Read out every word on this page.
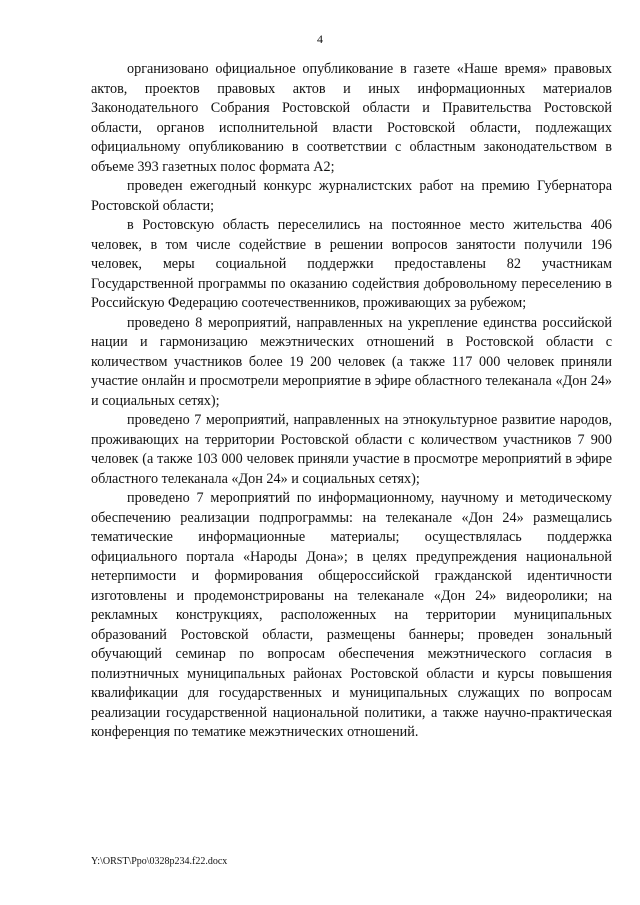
4

организовано официальное опубликование в газете «Наше время» правовых актов, проектов правовых актов и иных информационных материалов Законодательного Собрания Ростовской области и Правительства Ростовской области, органов исполнительной власти Ростовской области, подлежащих официальному опубликованию в соответствии с областным законодательством в объеме 393 газетных полос формата А2;

проведен ежегодный конкурс журналистских работ на премию Губернатора Ростовской области;

в Ростовскую область переселились на постоянное место жительства 406 человек, в том числе содействие в решении вопросов занятости получили 196 человек, меры социальной поддержки предоставлены 82 участникам Государственной программы по оказанию содействия добровольному переселению в Российскую Федерацию соотечественников, проживающих за рубежом;

проведено 8 мероприятий, направленных на укрепление единства российской нации и гармонизацию межэтнических отношений в Ростовской области с количеством участников более 19 200 человек (а также 117 000 человек приняли участие онлайн и просмотрели мероприятие в эфире областного телеканала «Дон 24» и социальных сетях);

проведено 7 мероприятий, направленных на этнокультурное развитие народов, проживающих на территории Ростовской области с количеством участников 7 900 человек (а также 103 000 человек приняли участие в просмотре мероприятий в эфире областного телеканала «Дон 24» и социальных сетях);

проведено 7 мероприятий по информационному, научному и методическому обеспечению реализации подпрограммы: на телеканале «Дон 24» размещались тематические информационные материалы; осуществлялась поддержка официального портала «Народы Дона»; в целях предупреждения национальной нетерпимости и формирования общероссийской гражданской идентичности изготовлены и продемонстрированы на телеканале «Дон 24» видеоролики; на рекламных конструкциях, расположенных на территории муниципальных образований Ростовской области, размещены баннеры; проведен зональный обучающий семинар по вопросам обеспечения межэтнического согласия в полиэтничных муниципальных районах Ростовской области и курсы повышения квалификации для государственных и муниципальных служащих по вопросам реализации государственной национальной политики, а также научно-практическая конференция по тематике межэтнических отношений.

Y:\ORST\Ppo\0328p234.f22.docx
